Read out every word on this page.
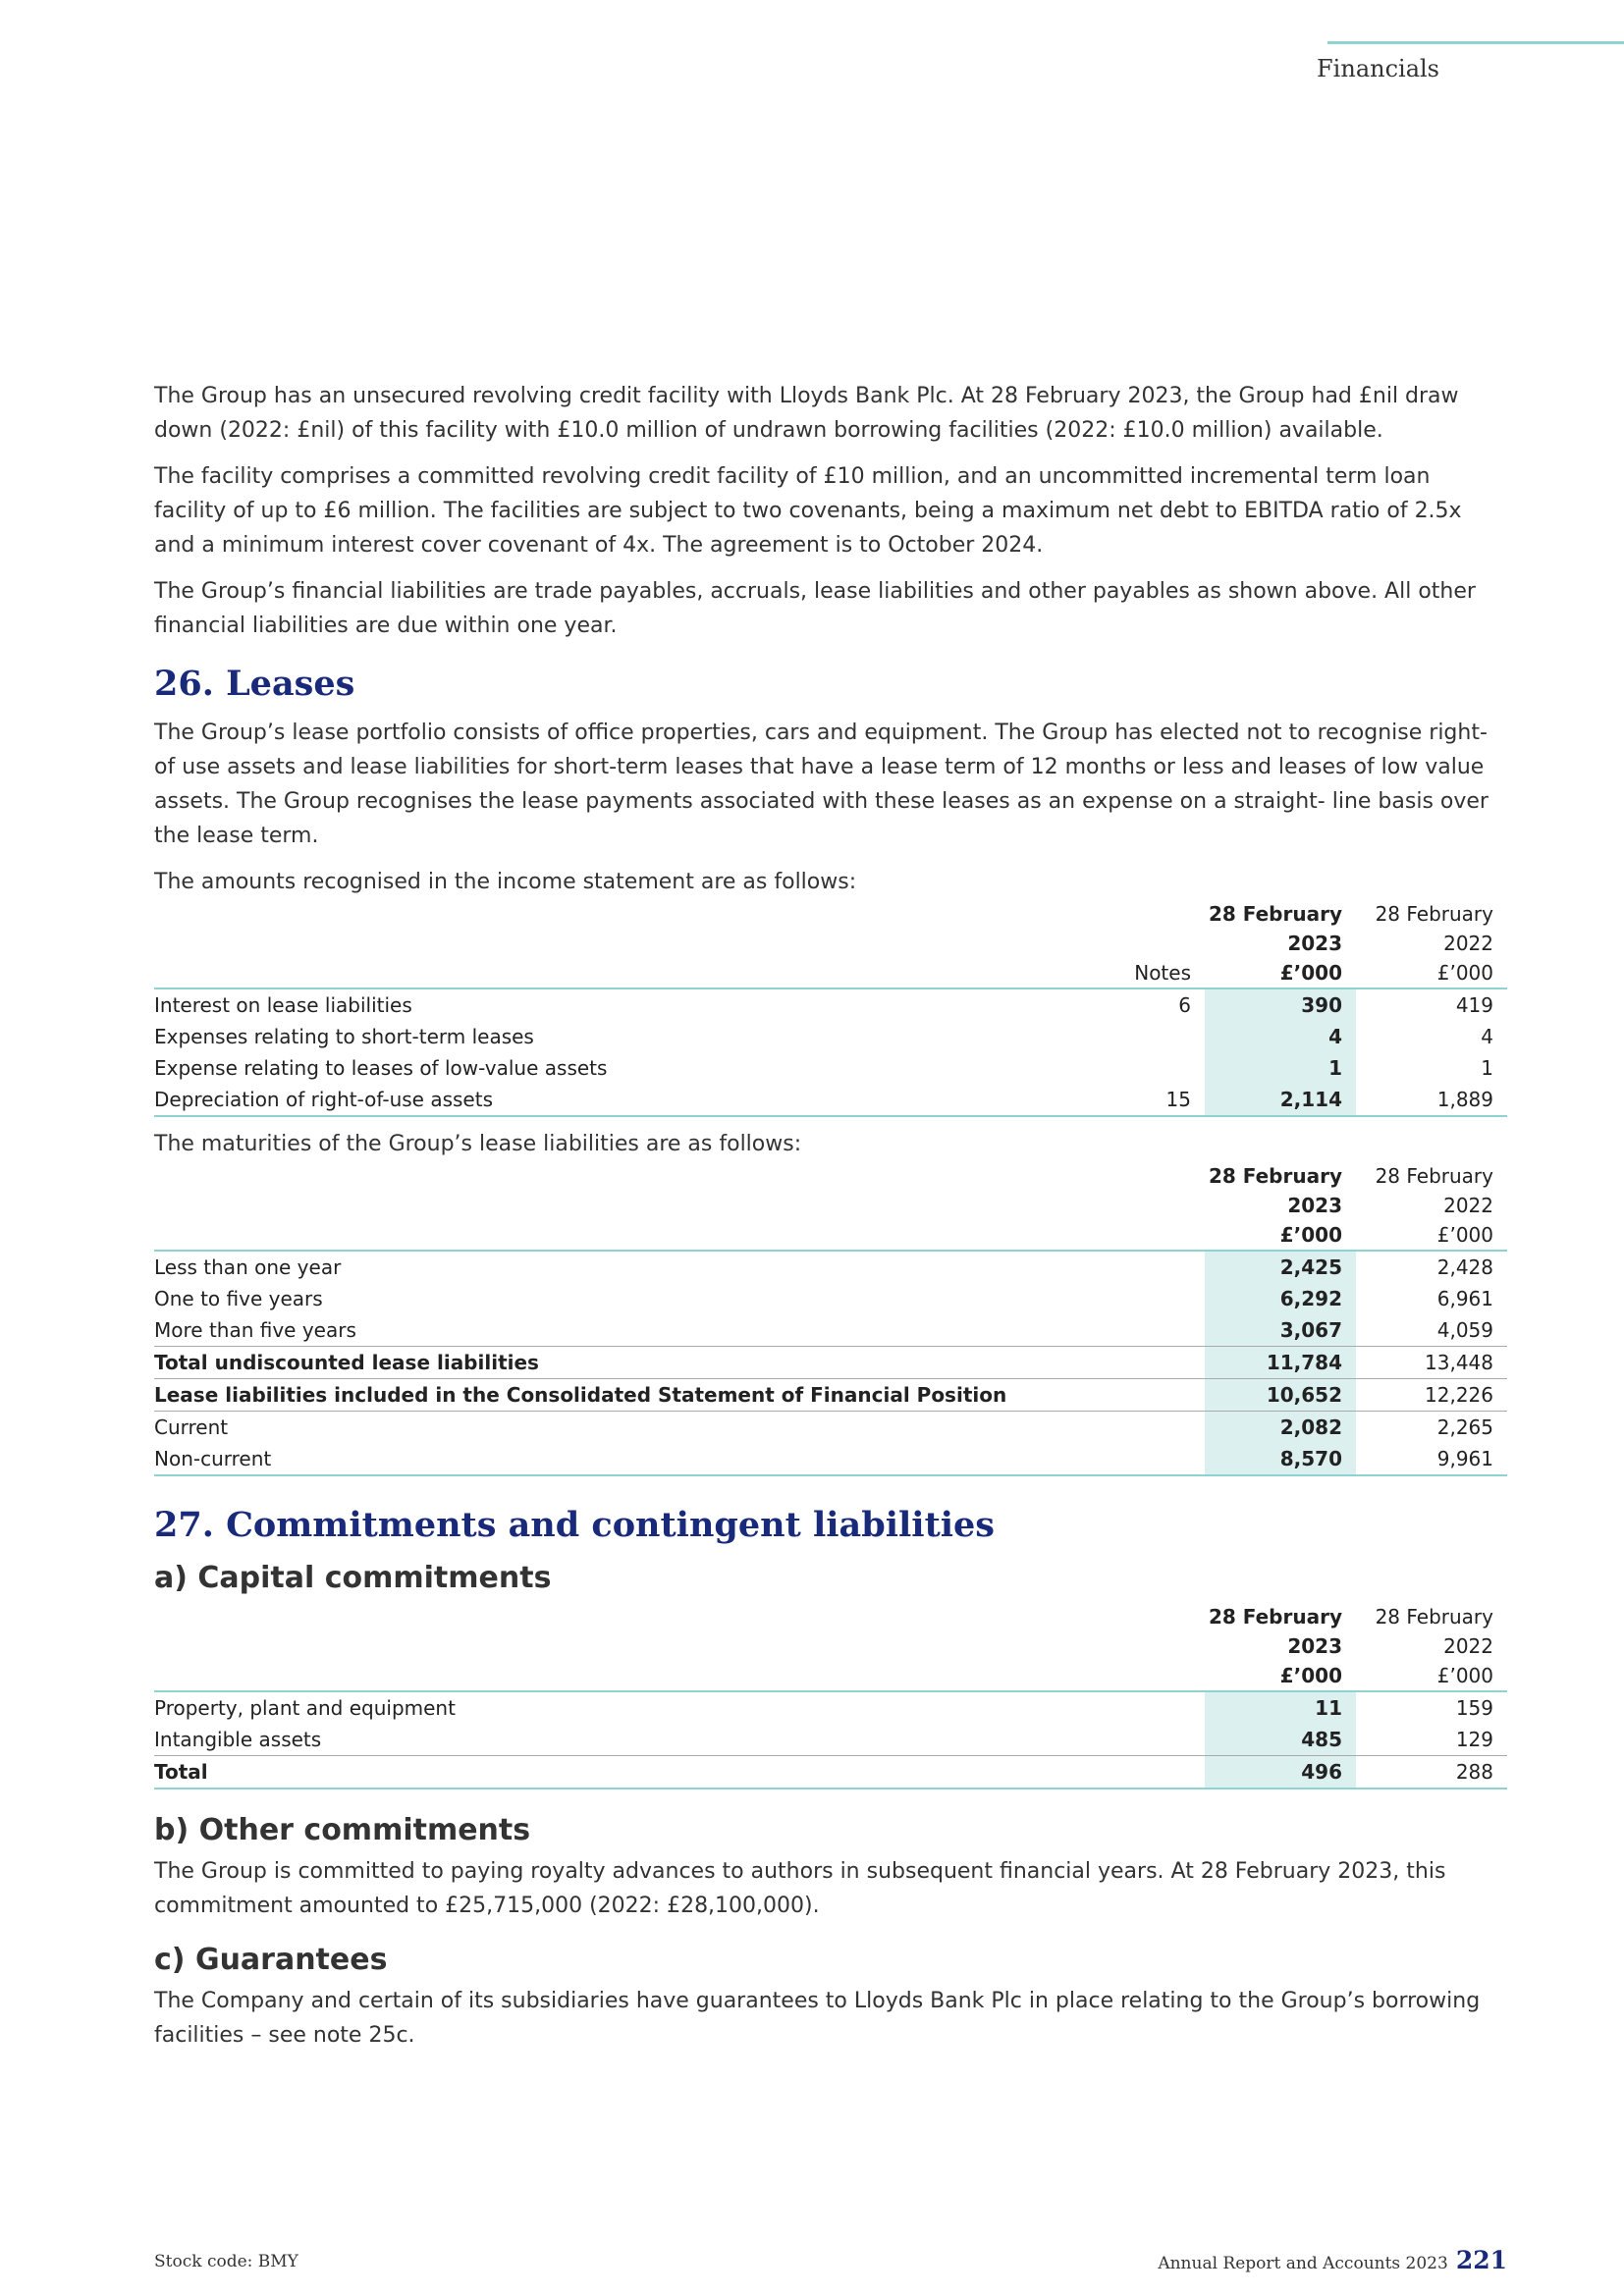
Financials

The Group has an unsecured revolving credit facility with Lloyds Bank Plc. At 28 February 2023, the Group had £nil draw down (2022: £nil) of this facility with £10.0 million of undrawn borrowing facilities (2022: £10.0 million) available.

The facility comprises a committed revolving credit facility of £10 million, and an uncommitted incremental term loan facility of up to £6 million. The facilities are subject to two covenants, being a maximum net debt to EBITDA ratio of 2.5x and a minimum interest cover covenant of 4x. The agreement is to October 2024.

The Group’s financial liabilities are trade payables, accruals, lease liabilities and other payables as shown above. All other financial liabilities are due within one year.

26. Leases

The Group’s lease portfolio consists of office properties, cars and equipment. The Group has elected not to recognise right-of use assets and lease liabilities for short-term leases that have a lease term of 12 months or less and leases of low value assets. The Group recognises the lease payments associated with these leases as an expense on a straight- line basis over the lease term.

The amounts recognised in the income statement are as follows:

		28 February	28 February
		2023	2022
	Notes	£’000	£’000
Interest on lease liabilities	6	390	419
Expenses relating to short-term leases		4	4
Expense relating to leases of low-value assets		1	1
Depreciation of right-of-use assets	15	2,114	1,889

The maturities of the Group’s lease liabilities are as follows:

	28 February	28 February
	2023	2022
	£’000	£’000
Less than one year	2,425	2,428
One to five years	6,292	6,961
More than five years	3,067	4,059
Total undiscounted lease liabilities	11,784	13,448
Lease liabilities included in the Consolidated Statement of Financial Position	10,652	12,226
Current	2,082	2,265
Non-current	8,570	9,961
27. Commitments and contingent liabilities
a) Capital commitments
	28 February	28 February
	2023	2022
	£’000	£’000
Property, plant and equipment	11	159
Intangible assets	485	129
Total	496	288
b) Other commitments

The Group is committed to paying royalty advances to authors in subsequent financial years. At 28 February 2023, this commitment amounted to £25,715,000 (2022: £28,100,000).

c) Guarantees

The Company and certain of its subsidiaries have guarantees to Lloyds Bank Plc in place relating to the Group’s borrowing facilities – see note 25c.

Stock code: BMY	Annual Report and Accounts 2023 221
